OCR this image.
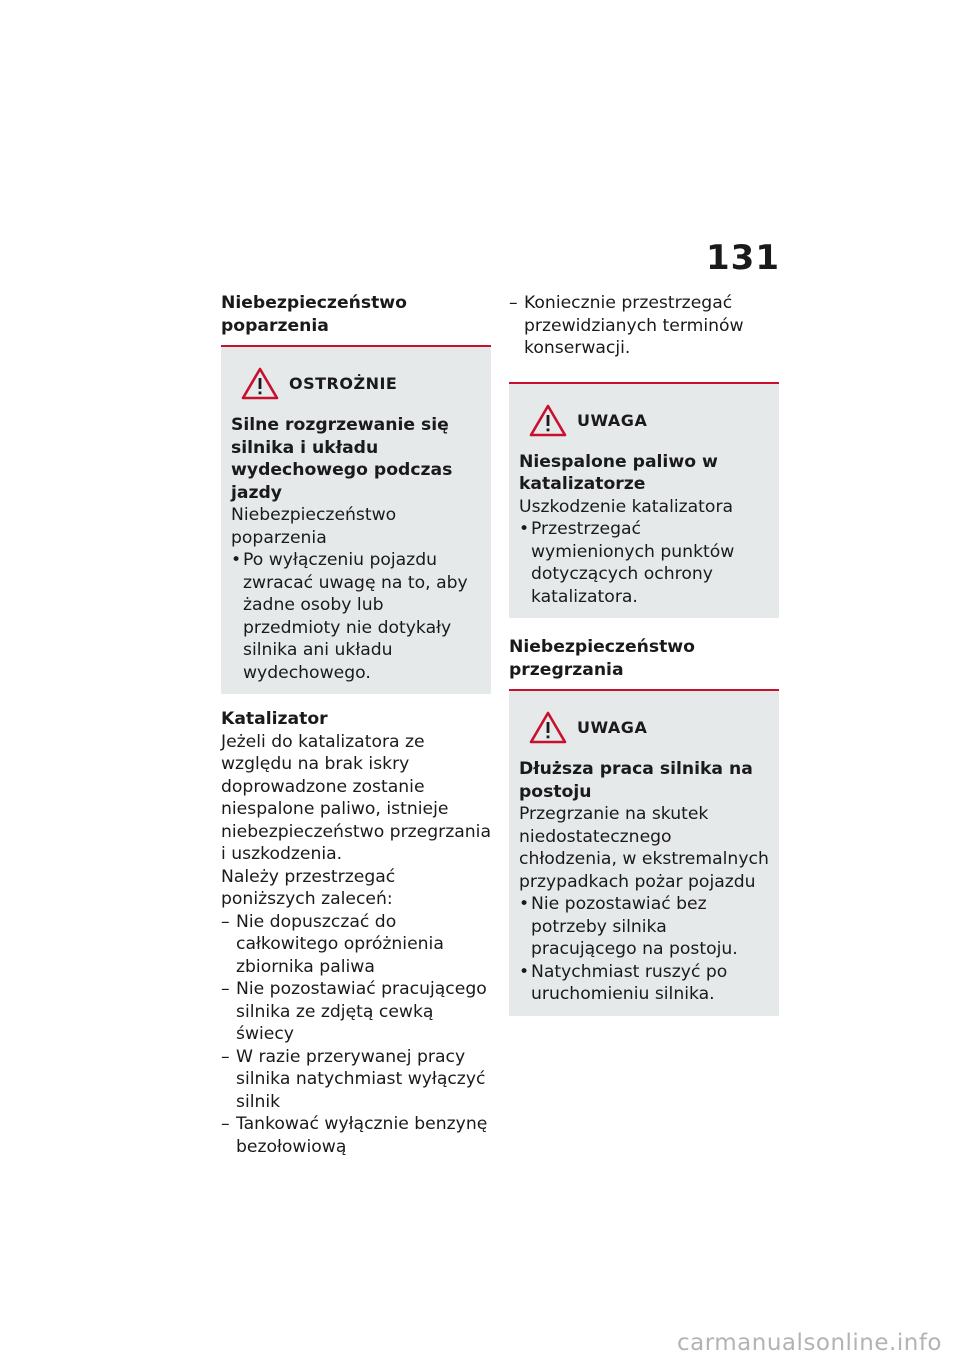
131
Niebezpieczeństwo poparzenia
OSTROŻNIE
Silne rozgrzewanie się silnika i układu wydechowego podczas jazdy
Niebezpieczeństwo poparzenia
• Po wyłączeniu pojazdu zwracać uwagę na to, aby żadne osoby lub przedmioty nie dotykały silnika ani układu wydechowego.
Katalizator
Jeżeli do katalizatora ze względu na brak iskry doprowadzone zostanie niespalone paliwo, istnieje niebezpieczeństwo przegrzania i uszkodzenia.
Należy przestrzegać poniższych zaleceń:
– Nie dopuszczać do całkowitego opróżnienia zbiornika paliwa
– Nie pozostawiać pracującego silnika ze zdjętą cewką świecy
– W razie przerywanej pracy silnika natychmiast wyłączyć silnik
– Tankować wyłącznie benzynę bezołowiową
– Koniecznie przestrzegać przewidzianych terminów konserwacji.
UWAGA
Niespalone paliwo w katalizatorze
Uszkodzenie katalizatora
• Przestrzegać wymienionych punktów dotyczących ochrony katalizatora.
Niebezpieczeństwo przegrzania
UWAGA
Dłuższa praca silnika na postoju
Przegrzanie na skutek niedostatecznego chłodzenia, w ekstremalnych przypadkach pożar pojazdu
• Nie pozostawiać bez potrzeby silnika pracującego na postoju.
• Natychmiast ruszyć po uruchomieniu silnika.
carmanualsonline.info
